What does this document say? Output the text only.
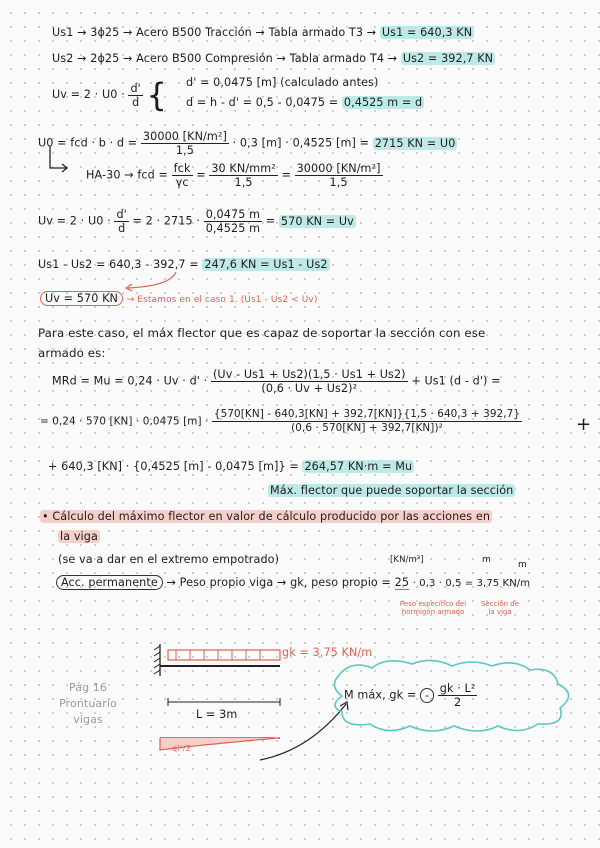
Us1 → 3ϕ25 → Acero B500 Tracción → Tabla armado T3 → Us1 = 640,3 KN
Us2 → 2ϕ25 → Acero B500 Compresión → Tabla armado T4 → Us2 = 392,7 KN
$Uv = 2 \cdot U0 \cdot \frac{d'}{d}$ { d' = 0,0475 [m] (calculado antes)
d = h - d' = 0,5 - 0,0475 = 0,4525 m = d
U0 = fcd · $b \cdot d = \frac{\text{30000 [KN/m²]}}{1,5} \cdot 0,3$ [m] · 0,4525 [m] = 2715 KN = U0
HA-30 → fcd = $\frac{\text{fck}}{\gamma c} = \frac{\text{30 KN/mm²}}{1,5} = \frac{\text{30000 [KN/m²]}}{1,5}$
$Uv = 2 \cdot U0 \cdot \frac{d'}{d} = 2 \cdot 2715 \cdot \frac{0,0475 m}{0,4525 m} = 570$ KN = Uv
Us1 - Us2 = 640,3 - 392,7 = 247,6 KN = Us1 - Us2
Uv = 570 KN → Estamos en el caso 1. (Us1 - Us2 < Uv)
Para este caso, el máx flector que es capaz de soportar la sección con ese
armado es:
MRd = $Mu = 0,24 \cdot Uv \cdot d' \cdot \frac{(Uv - Us1 + Us2)(1,5 \cdot Us1 + Us2)}{\text{(0,6 · Uv + Us2)²}} + Us1$ (d - d') =
= 0,24 · 570 [KN] · 0,0475 $[m] \cdot \frac{\{570[KN] - 640,3[KN] + 392,7[KN]\}\{1,5 \cdot 640,3 + 392,7\}}{\text{(0,6 · 570[KN] + 392,7[KN])²}}$	+
+ 640,3 [KN] · {0,4525 [m] - 0,0475 [m]} = 264,57 KN·m = Mu
Máx. flector que puede soportar la sección
• Cálculo del máximo flector en valor de cálculo producido por las acciones en
la viga
(se va a dar en el extremo empotrado)	[KN/m³]	m	m
Acc. permanente → Peso propio viga → gk, peso propio = 25 · 0,3 · 0,5 = 3,75 KN/m
Peso específico del hormigón armado
Sección de la viga
Pág 16 Prontuario vigas
gk = 3,75 KN/m
L = 3m
ql²/2
M máx, gk = - $\frac{\text{gk · L²}}{2}$
